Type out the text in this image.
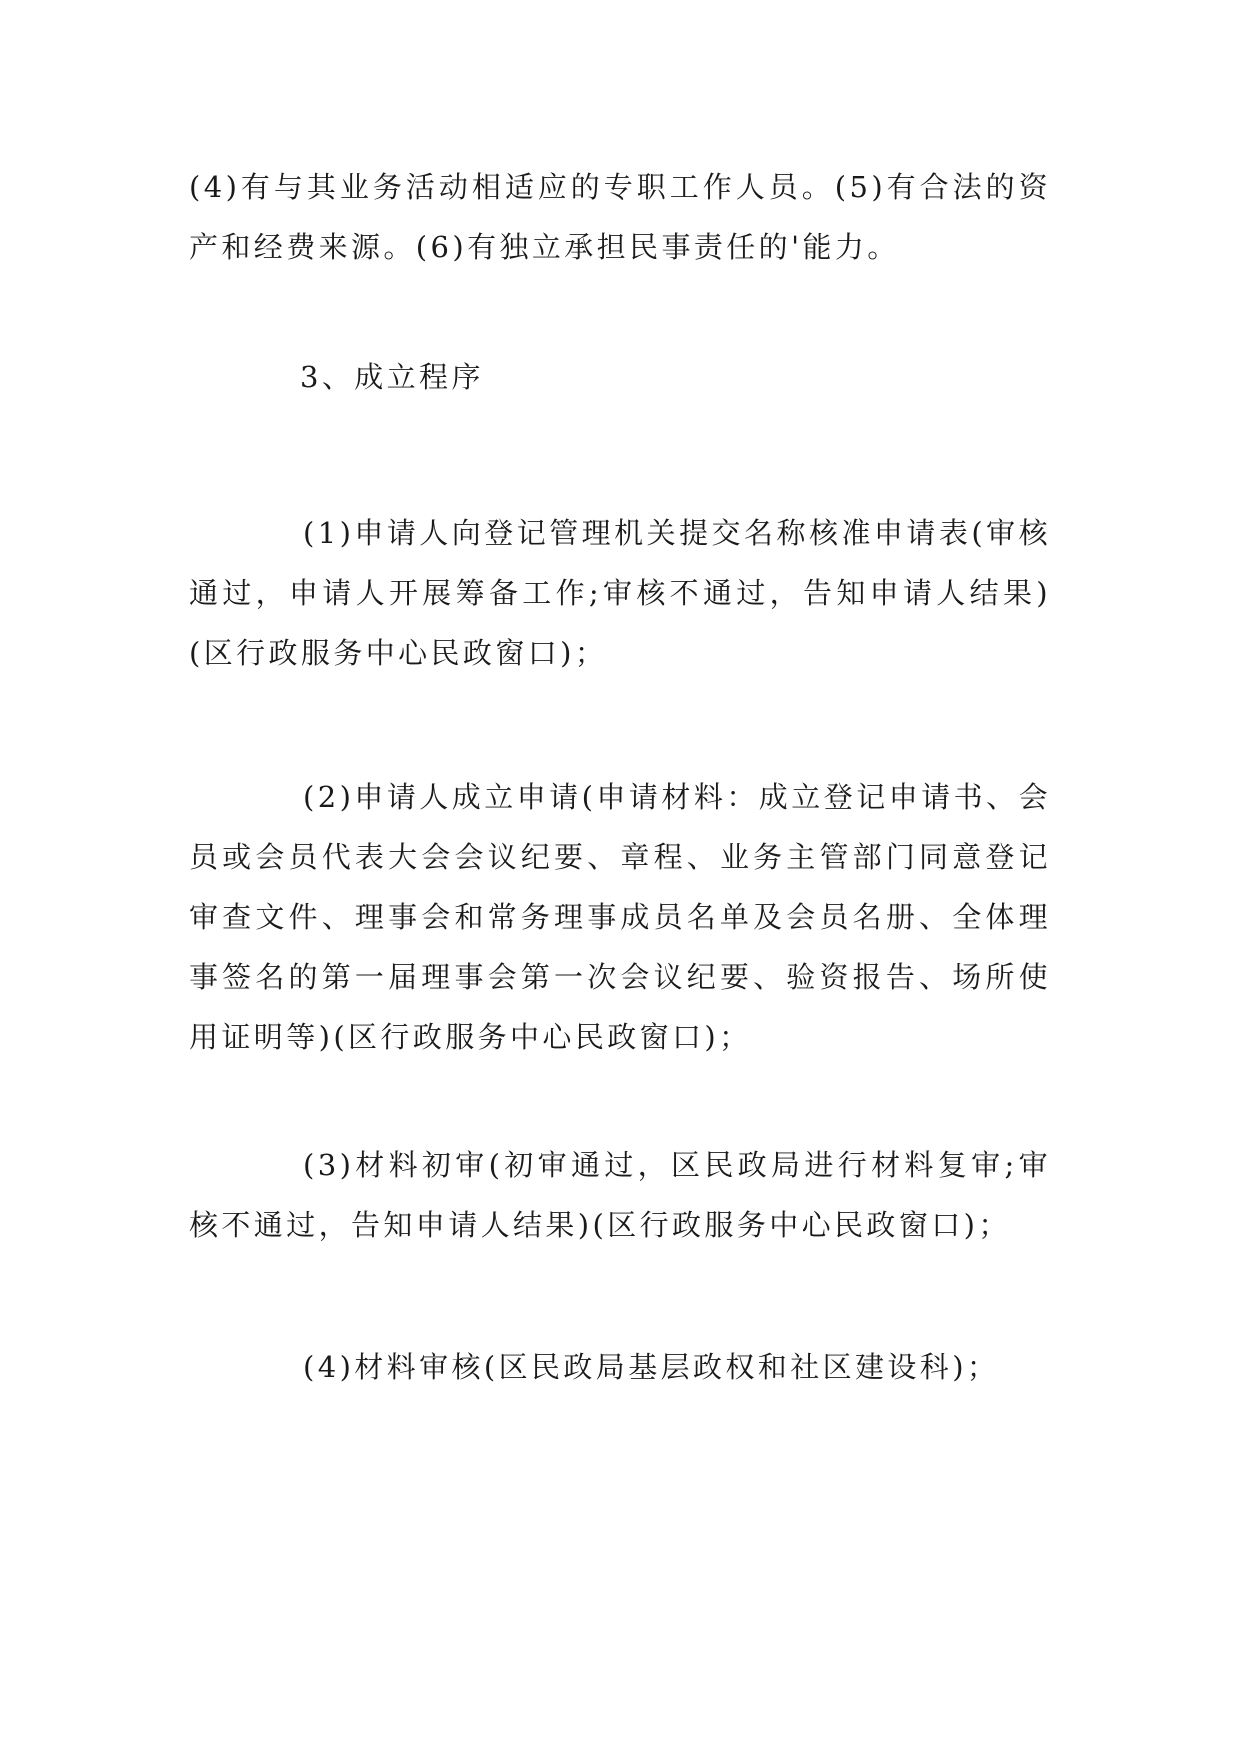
(4)有与其业务活动相适应的专职工作人员。(5)有合法的资产和经费来源。(6)有独立承担民事责任的'能力。

3、成立程序

(1)申请人向登记管理机关提交名称核准申请表(审核通过，申请人开展筹备工作;审核不通过，告知申请人结果)(区行政服务中心民政窗口)；

(2)申请人成立申请(申请材料：成立登记申请书、会员或会员代表大会会议纪要、章程、业务主管部门同意登记审查文件、理事会和常务理事成员名单及会员名册、全体理事签名的第一届理事会第一次会议纪要、验资报告、场所使用证明等)(区行政服务中心民政窗口)；

(3)材料初审(初审通过，区民政局进行材料复审;审核不通过，告知申请人结果)(区行政服务中心民政窗口)；

(4)材料审核(区民政局基层政权和社区建设科)；
